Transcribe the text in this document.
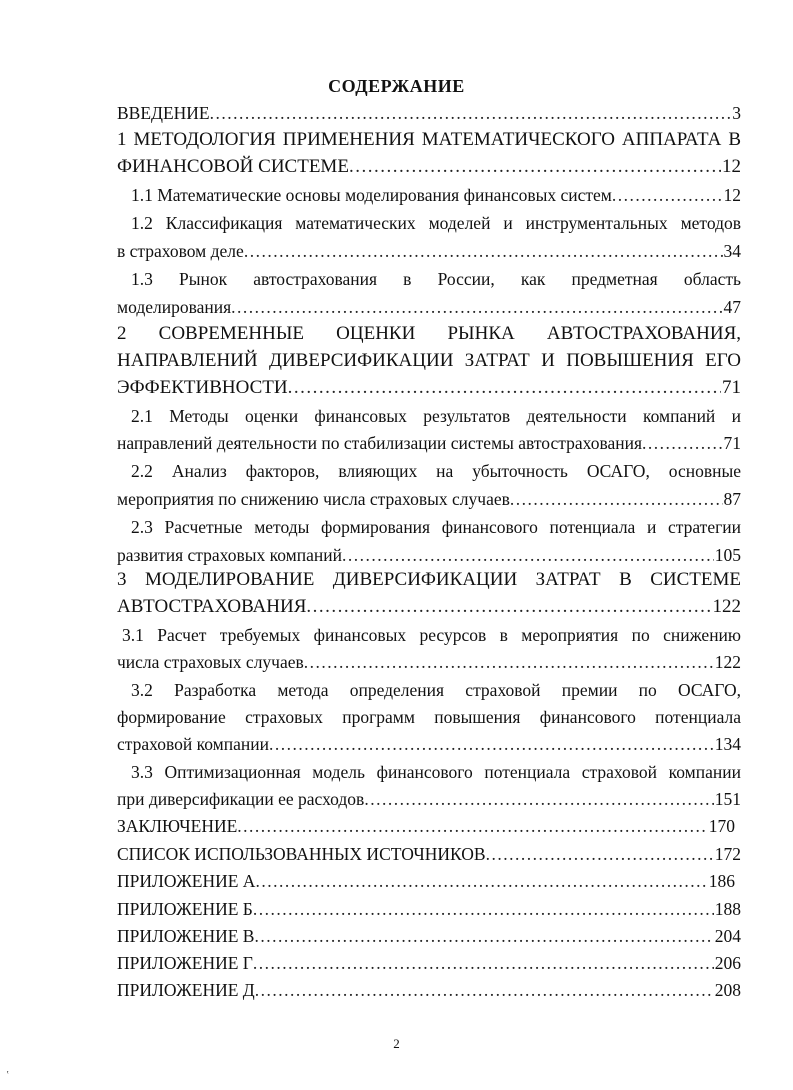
СОДЕРЖАНИЕ
ВВЕДЕНИЕ .....	3
1 МЕТОДОЛОГИЯ ПРИМЕНЕНИЯ МАТЕМАТИЧЕСКОГО АППАРАТА В
ФИНАНСОВОЙ СИСТЕМЕ .....	12
1.1 Математические основы моделирования финансовых систем .....	12
1.2 Классификация математических моделей и инструментальных методов
в страховом деле .....	34
1.3 Рынок автострахования в России, как предметная область
моделирования .....	47
2 СОВРЕМЕННЫЕ ОЦЕНКИ РЫНКА АВТОСТРАХОВАНИЯ,
НАПРАВЛЕНИЙ ДИВЕРСИФИКАЦИИ ЗАТРАТ И ПОВЫШЕНИЯ ЕГО
ЭФФЕКТИВНОСТИ .....	71
2.1 Методы оценки финансовых результатов деятельности компаний и
направлений деятельности по стабилизации системы автострахования .....	71
2.2 Анализ факторов, влияющих на убыточность ОСАГО, основные
мероприятия по снижению числа страховых случаев .....	87
2.3 Расчетные методы формирования финансового потенциала и стратегии
развития страховых компаний .....	105
3 МОДЕЛИРОВАНИЕ ДИВЕРСИФИКАЦИИ ЗАТРАТ В СИСТЕМЕ
АВТОСТРАХОВАНИЯ .....	122
3.1 Расчет требуемых финансовых ресурсов в мероприятия по снижению
числа страховых случаев .....	122
3.2 Разработка метода определения страховой премии по ОСАГО,
формирование страховых программ повышения финансового потенциала
страховой компании .....	134
3.3 Оптимизационная модель финансового потенциала страховой компании
при диверсификации ее расходов .....	151
ЗАКЛЮЧЕНИЕ .....	170
СПИСОК ИСПОЛЬЗОВАННЫХ ИСТОЧНИКОВ .....	172
ПРИЛОЖЕНИЕ А .....	186
ПРИЛОЖЕНИЕ Б .....	188
ПРИЛОЖЕНИЕ В .....	204
ПРИЛОЖЕНИЕ Г .....	206
ПРИЛОЖЕНИЕ Д .....	208
2
‛
